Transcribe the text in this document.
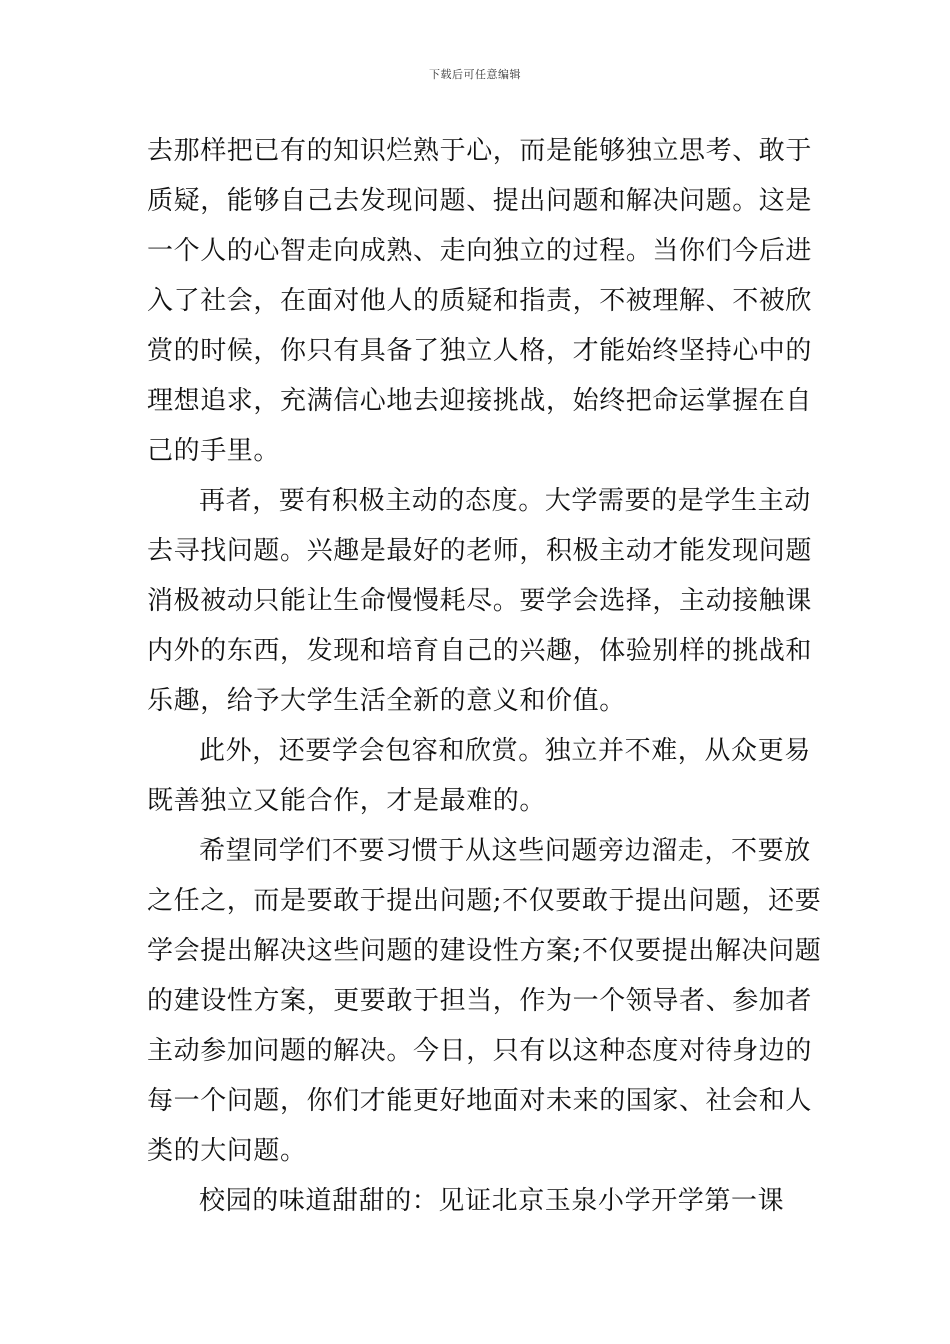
下载后可任意编辑
去那样把已有的知识烂熟于心，而是能够独立思考、敢于
质疑，能够自己去发现问题、提出问题和解决问题。这是
一个人的心智走向成熟、走向独立的过程。当你们今后进
入了社会，在面对他人的质疑和指责，不被理解、不被欣
赏的时候，你只有具备了独立人格，才能始终坚持心中的
理想追求，充满信心地去迎接挑战，始终把命运掌握在自
己的手里。
再者，要有积极主动的态度。大学需要的是学生主动
去寻找问题。兴趣是最好的老师，积极主动才能发现问题
消极被动只能让生命慢慢耗尽。要学会选择，主动接触课
内外的东西，发现和培育自己的兴趣，体验别样的挑战和
乐趣，给予大学生活全新的意义和价值。
此外，还要学会包容和欣赏。独立并不难，从众更易
既善独立又能合作，才是最难的。
希望同学们不要习惯于从这些问题旁边溜走，不要放
之任之，而是要敢于提出问题;不仅要敢于提出问题，还要
学会提出解决这些问题的建设性方案;不仅要提出解决问题
的建设性方案，更要敢于担当，作为一个领导者、参加者
主动参加问题的解决。今日，只有以这种态度对待身边的
每一个问题，你们才能更好地面对未来的国家、社会和人
类的大问题。
校园的味道甜甜的：见证北京玉泉小学开学第一课
